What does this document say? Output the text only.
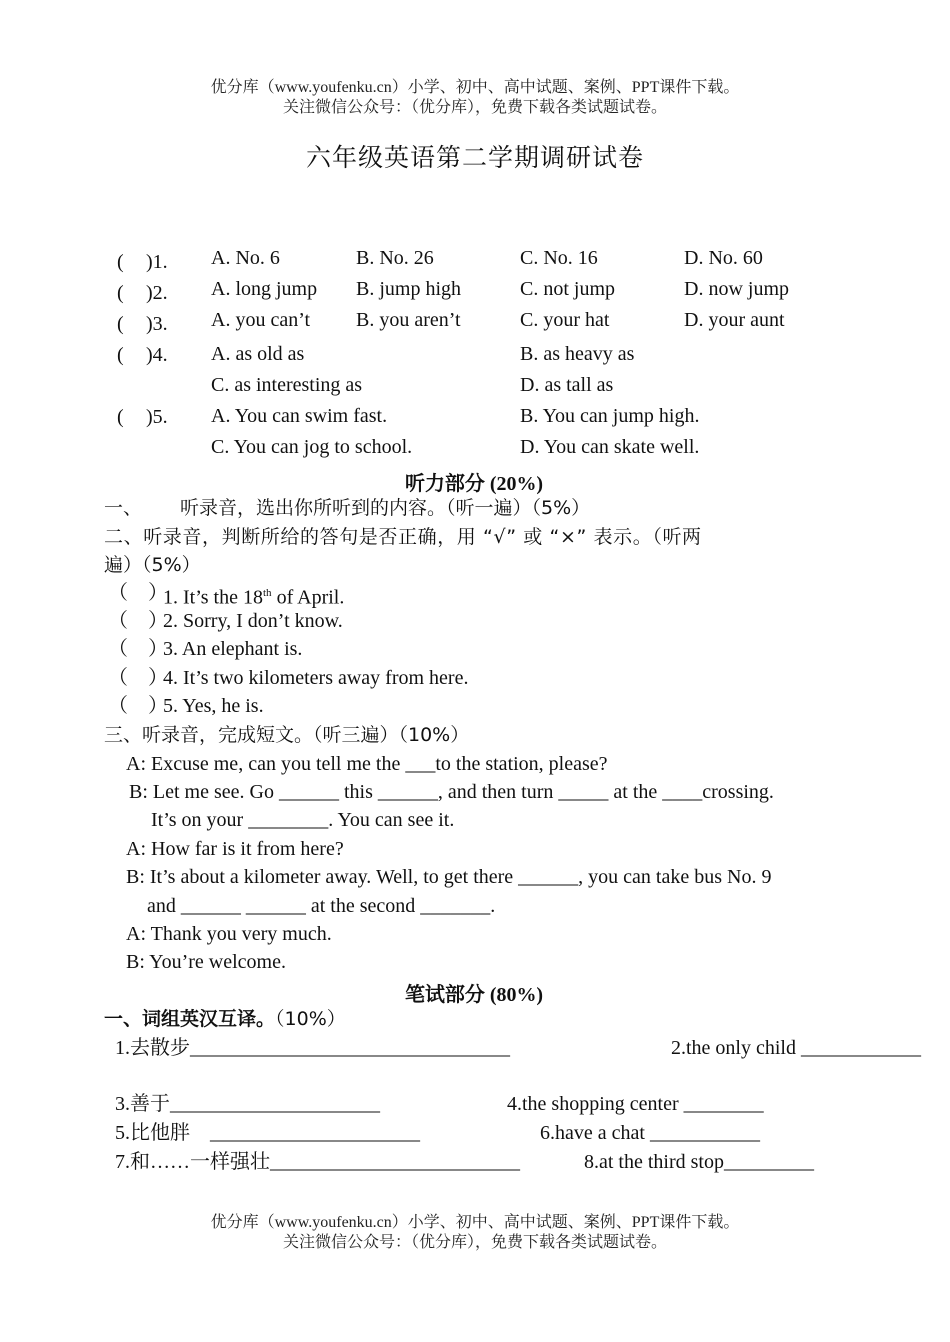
优分库（www.youfenku.cn）小学、初中、高中试题、案例、PPT课件下载。
关注微信公众号：（优分库），免费下载各类试题试卷。
六年级英语第二学期调研试卷
( )1. A. No. 6	B. No. 26	C. No. 16	D. No. 60
( )2. A. long jump B. jump high	C. not jump	D. now jump
( )3. A. you can’t B. you aren’t	C. your hat	D. your aunt
( )4. A. as old as	B. as heavy as
C. as interesting as	D. as tall as
( )5. A. You can swim fast.	B. You can jump high.
C. You can jog to school.	D. You can skate well.
听力部分 (20%)
一、 听录音，选出你所听到的内容。（听一遍）（5%）
二、听录音，判断所给的答句是否正确，用 “√” 或 “×” 表示。（听两
遍）（5%）
（　）
1. It’s the 18th of April.
（　）
2. Sorry, I don’t know.
（　）
3. An elephant is.
（　）
4. It’s two kilometers away from here.
（　）
5. Yes, he is.
三、听录音，完成短文。（听三遍）（10%）
A: Excuse me, can you tell me the ___to the station, please?
B: Let me see. Go ______ this ______, and then turn _____ at the ____crossing.
It’s on your ________. You can see it.
A: How far is it from here?
B: It’s about a kilometer away. Well, to get there ______, you can take bus No. 9
and ______ ______ at the second _______.
A: Thank you very much.
B: You’re welcome.
笔试部分 (80%)
一、词组英汉互译。（10%）
1.去散步________________________________	2.the only child ____________
3.善于_____________________	4.the shopping center ________
5.比他胖　_____________________	6.have a chat ___________
7.和……一样强壮_________________________	8.at the third stop_________
优分库（www.youfenku.cn）小学、初中、高中试题、案例、PPT课件下载。
关注微信公众号：（优分库），免费下载各类试题试卷。
